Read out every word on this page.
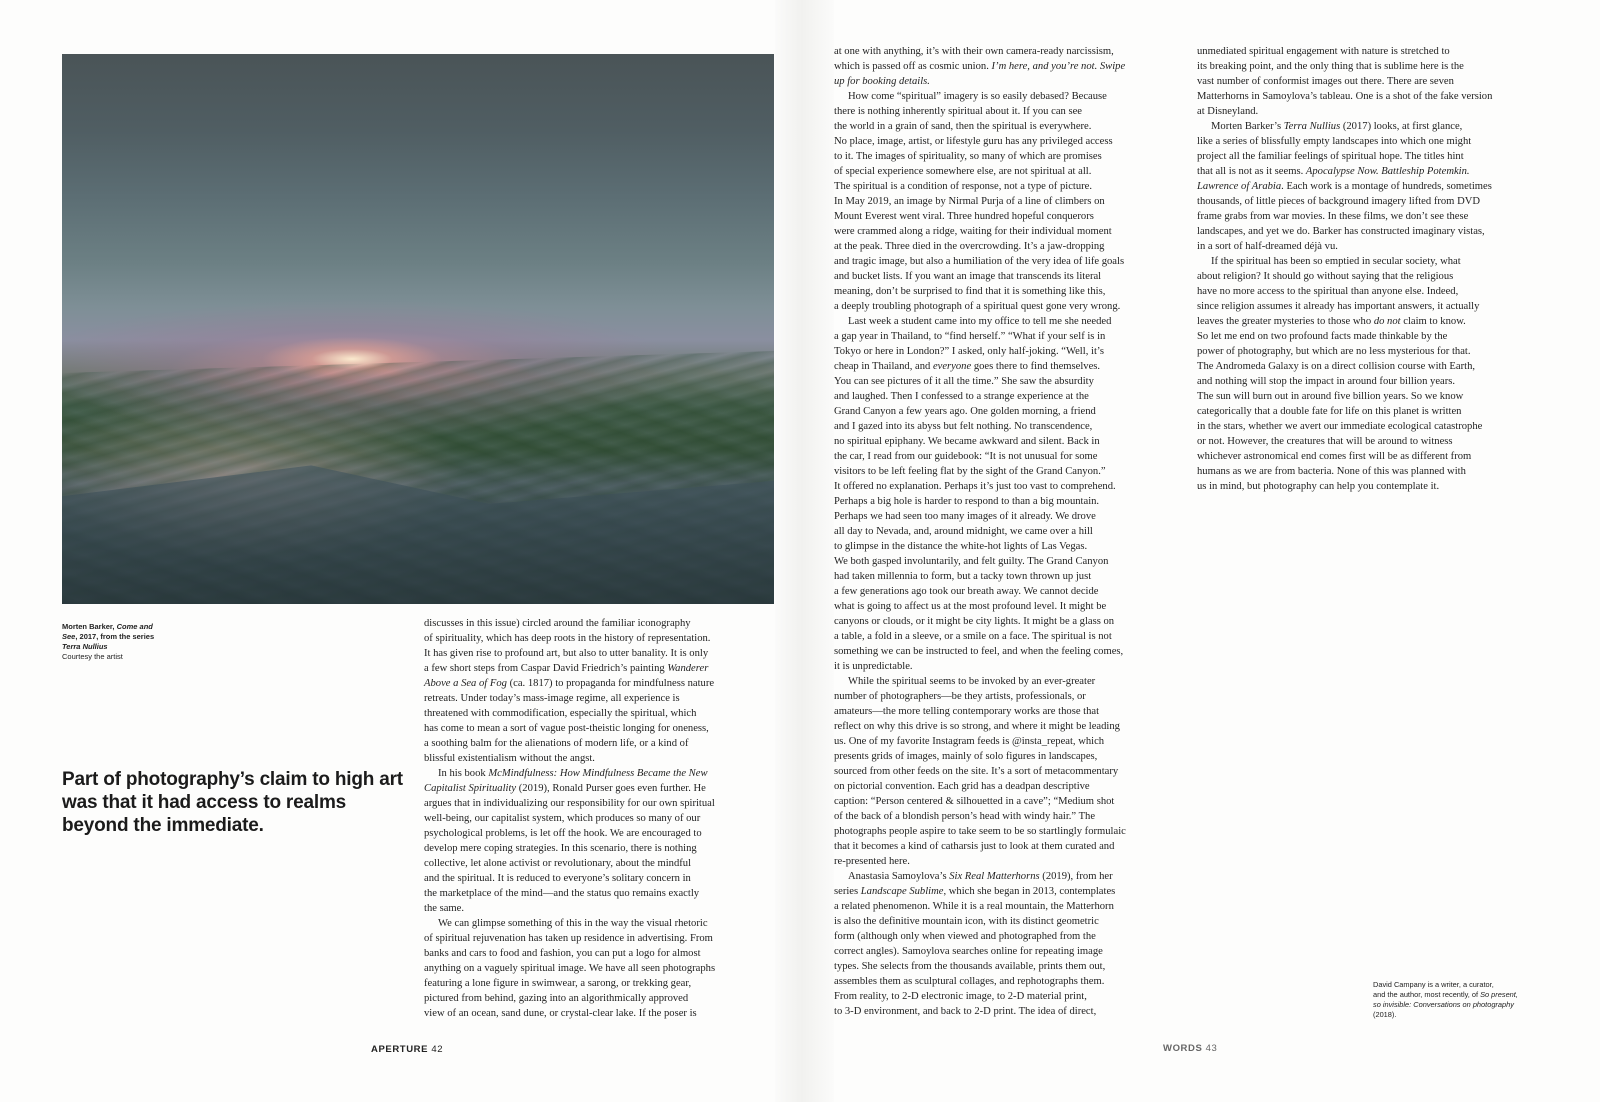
Morten Barker, Come and
See, 2017, from the series
Terra Nullius
Courtesy the artist
Part of photography’s claim to high art was that it had access to realms beyond the immediate.

discusses in this issue) circled around the familiar iconography
of spirituality, which has deep roots in the history of representation.
It has given rise to profound art, but also to utter banality. It is only
a few short steps from Caspar David Friedrich’s painting Wanderer
Above a Sea of Fog (ca. 1817) to propaganda for mindfulness nature
retreats. Under today’s mass-image regime, all experience is
threatened with commodification, especially the spiritual, which
has come to mean a sort of vague post-theistic longing for oneness,
a soothing balm for the alienations of modern life, or a kind of
blissful existentialism without the angst.

In his book McMindfulness: How Mindfulness Became the New
Capitalist Spirituality (2019), Ronald Purser goes even further. He
argues that in individualizing our responsibility for our own spiritual
well-being, our capitalist system, which produces so many of our
psychological problems, is let off the hook. We are encouraged to
develop mere coping strategies. In this scenario, there is nothing
collective, let alone activist or revolutionary, about the mindful
and the spiritual. It is reduced to everyone’s solitary concern in
the marketplace of the mind—and the status quo remains exactly
the same.

We can glimpse something of this in the way the visual rhetoric
of spiritual rejuvenation has taken up residence in advertising. From
banks and cars to food and fashion, you can put a logo for almost
anything on a vaguely spiritual image. We have all seen photographs
featuring a lone figure in swimwear, a sarong, or trekking gear,
pictured from behind, gazing into an algorithmically approved
view of an ocean, sand dune, or crystal-clear lake. If the poser is

at one with anything, it’s with their own camera-ready narcissism,
which is passed off as cosmic union. I’m here, and you’re not. Swipe
up for booking details.

How come “spiritual” imagery is so easily debased? Because
there is nothing inherently spiritual about it. If you can see
the world in a grain of sand, then the spiritual is everywhere.
No place, image, artist, or lifestyle guru has any privileged access
to it. The images of spirituality, so many of which are promises
of special experience somewhere else, are not spiritual at all.
The spiritual is a condition of response, not a type of picture.
In May 2019, an image by Nirmal Purja of a line of climbers on
Mount Everest went viral. Three hundred hopeful conquerors
were crammed along a ridge, waiting for their individual moment
at the peak. Three died in the overcrowding. It’s a jaw-dropping
and tragic image, but also a humiliation of the very idea of life goals
and bucket lists. If you want an image that transcends its literal
meaning, don’t be surprised to find that it is something like this,
a deeply troubling photograph of a spiritual quest gone very wrong.

Last week a student came into my office to tell me she needed
a gap year in Thailand, to “find herself.” “What if your self is in
Tokyo or here in London?” I asked, only half-joking. “Well, it’s
cheap in Thailand, and everyone goes there to find themselves.
You can see pictures of it all the time.” She saw the absurdity
and laughed. Then I confessed to a strange experience at the
Grand Canyon a few years ago. One golden morning, a friend
and I gazed into its abyss but felt nothing. No transcendence,
no spiritual epiphany. We became awkward and silent. Back in
the car, I read from our guidebook: “It is not unusual for some
visitors to be left feeling flat by the sight of the Grand Canyon.”
It offered no explanation. Perhaps it’s just too vast to comprehend.
Perhaps a big hole is harder to respond to than a big mountain.
Perhaps we had seen too many images of it already. We drove
all day to Nevada, and, around midnight, we came over a hill
to glimpse in the distance the white-hot lights of Las Vegas.
We both gasped involuntarily, and felt guilty. The Grand Canyon
had taken millennia to form, but a tacky town thrown up just
a few generations ago took our breath away. We cannot decide
what is going to affect us at the most profound level. It might be
canyons or clouds, or it might be city lights. It might be a glass on
a table, a fold in a sleeve, or a smile on a face. The spiritual is not
something we can be instructed to feel, and when the feeling comes,
it is unpredictable.

While the spiritual seems to be invoked by an ever-greater
number of photographers—be they artists, professionals, or
amateurs—the more telling contemporary works are those that
reflect on why this drive is so strong, and where it might be leading
us. One of my favorite Instagram feeds is @insta_repeat, which
presents grids of images, mainly of solo figures in landscapes,
sourced from other feeds on the site. It’s a sort of metacommentary
on pictorial convention. Each grid has a deadpan descriptive
caption: “Person centered & silhouetted in a cave”; “Medium shot
of the back of a blondish person’s head with windy hair.” The
photographs people aspire to take seem to be so startlingly formulaic
that it becomes a kind of catharsis just to look at them curated and
re-presented here.

Anastasia Samoylova’s Six Real Matterhorns (2019), from her
series Landscape Sublime, which she began in 2013, contemplates
a related phenomenon. While it is a real mountain, the Matterhorn
is also the definitive mountain icon, with its distinct geometric
form (although only when viewed and photographed from the
correct angles). Samoylova searches online for repeating image
types. She selects from the thousands available, prints them out,
assembles them as sculptural collages, and rephotographs them.
From reality, to 2-D electronic image, to 2-D material print,
to 3-D environment, and back to 2-D print. The idea of direct,

unmediated spiritual engagement with nature is stretched to
its breaking point, and the only thing that is sublime here is the
vast number of conformist images out there. There are seven
Matterhorns in Samoylova’s tableau. One is a shot of the fake version
at Disneyland.

Morten Barker’s Terra Nullius (2017) looks, at first glance,
like a series of blissfully empty landscapes into which one might
project all the familiar feelings of spiritual hope. The titles hint
that all is not as it seems. Apocalypse Now. Battleship Potemkin.
Lawrence of Arabia. Each work is a montage of hundreds, sometimes
thousands, of little pieces of background imagery lifted from DVD
frame grabs from war movies. In these films, we don’t see these
landscapes, and yet we do. Barker has constructed imaginary vistas,
in a sort of half-dreamed déjà vu.

If the spiritual has been so emptied in secular society, what
about religion? It should go without saying that the religious
have no more access to the spiritual than anyone else. Indeed,
since religion assumes it already has important answers, it actually
leaves the greater mysteries to those who do not claim to know.
So let me end on two profound facts made thinkable by the
power of photography, but which are no less mysterious for that.
The Andromeda Galaxy is on a direct collision course with Earth,
and nothing will stop the impact in around four billion years.
The sun will burn out in around five billion years. So we know
categorically that a double fate for life on this planet is written
in the stars, whether we avert our immediate ecological catastrophe
or not. However, the creatures that will be around to witness
whichever astronomical end comes first will be as different from
humans as we are from bacteria. None of this was planned with
us in mind, but photography can help you contemplate it.

David Campany is a writer, a curator,
and the author, most recently, of So present,
so invisible: Conversations on photography
(2018).
APERTURE 42	WORDS 43
